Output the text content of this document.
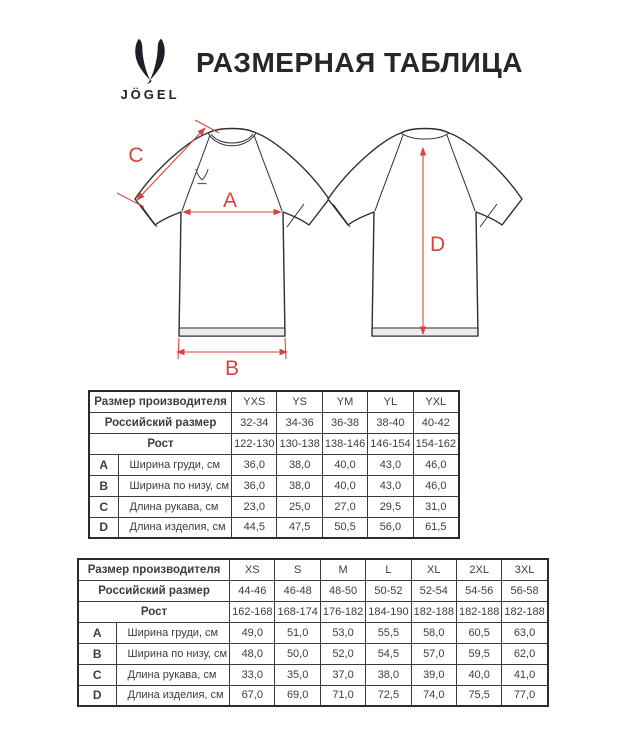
JÖGEL
РАЗМЕРНАЯ ТАБЛИЦА
A
B
C
D
Размер производителя		YXS	YS	YM	YL	YXL
Российский размер		32-34	34-36	36-38	38-40	40-42
Рост		122-130	130-138	138-146	146-154	154-162
A	Ширина груди, см	36,0	38,0	40,0	43,0	46,0
B	Ширина по низу, см	36,0	38,0	40,0	43,0	46,0
C	Длина рукава, см	23,0	25,0	27,0	29,5	31,0
D	Длина изделия, см	44,5	47,5	50,5	56,0	61,5
Размер производителя		XS	S	M	L	XL	2XL	3XL
Российский размер		44-46	46-48	48-50	50-52	52-54	54-56	56-58
Рост		162-168	168-174	176-182	184-190	182-188	182-188	182-188
A	Ширина груди, см	49,0	51,0	53,0	55,5	58,0	60,5	63,0
B	Ширина по низу, см	48,0	50,0	52,0	54,5	57,0	59,5	62,0
C	Длина рукава, см	33,0	35,0	37,0	38,0	39,0	40,0	41,0
D	Длина изделия, см	67,0	69,0	71,0	72,5	74,0	75,5	77,0
